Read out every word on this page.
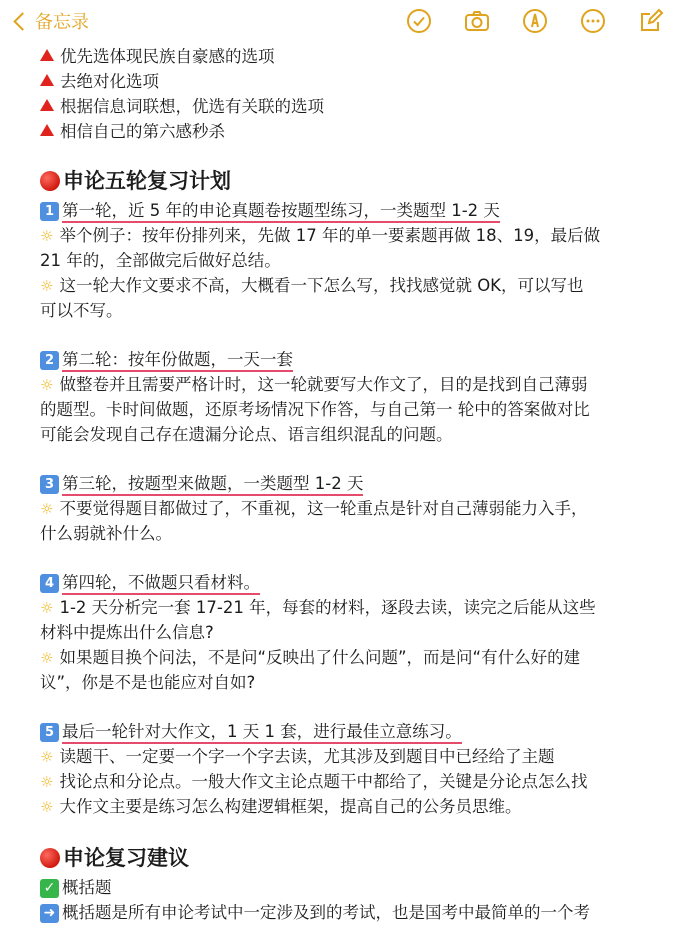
备忘录
优先选体现民族自豪感的选项
去绝对化选项
根据信息词联想，优选有关联的选项
相信自己的第六感秒杀
申论五轮复习计划
1 第一轮，近 5 年的申论真题卷按题型练习，一类题型 1-2 天
☼ 举个例子：按年份排列来，先做 17 年的单一要素题再做 18、19，最后做
21 年的，全部做完后做好总结。
☼ 这一轮大作文要求不高，大概看一下怎么写，找找感觉就 OK，可以写也
可以不写。
2 第二轮：按年份做题，一天一套
☼ 做整卷并且需要严格计时，这一轮就要写大作文了，目的是找到自己薄弱
的题型。卡时间做题，还原考场情况下作答，与自己第一 轮中的答案做对比
可能会发现自己存在遗漏分论点、语言组织混乱的问题。
3 第三轮，按题型来做题，一类题型 1-2 天
☼ 不要觉得题目都做过了，不重视，这一轮重点是针对自己薄弱能力入手，
什么弱就补什么。
4 第四轮，不做题只看材料。
☼ 1-2 天分析完一套 17-21 年，每套的材料，逐段去读，读完之后能从这些
材料中提炼出什么信息?
☼ 如果题目换个问法，不是问“反映出了什么问题”，而是问“有什么好的建
议”，你是不是也能应对自如?
5 最后一轮针对大作文，1 天 1 套，进行最佳立意练习。
☼ 读题干、一定要一个字一个字去读，尤其涉及到题目中已经给了主题
☼ 找论点和分论点。一般大作文主论点题干中都给了，关键是分论点怎么找
☼ 大作文主要是练习怎么构建逻辑框架，提高自己的公务员思维。
申论复习建议
✓ 概括题
➜ 概括题是所有申论考试中一定涉及到的考试，也是国考中最简单的一个考
